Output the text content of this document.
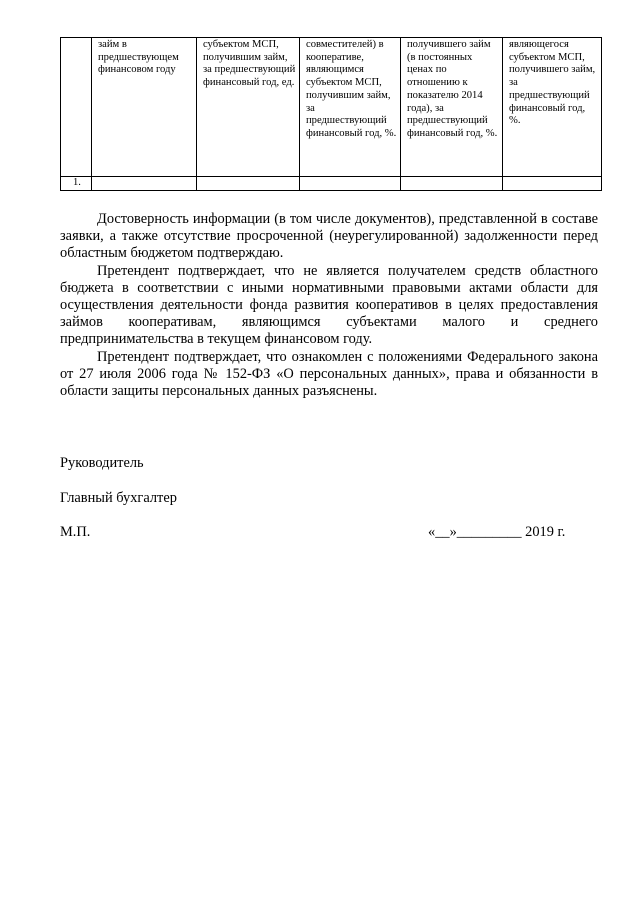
	займ в предшествующем финансовом году	субъектом МСП, получившим займ, за предшествующий финансовый год, ед.	совместителей) в кооперативе, являющимся субъектом МСП, получившим займ, за предшествующий финансовый год, %.	получившего займ (в постоянных ценах по отношению к показателю 2014 года), за предшествующий финансовый год, %.	являющегося субъектом МСП, получившего займ, за предшествующий финансовый год, %.
1.					

Достоверность информации (в том числе документов), представленной в составе заявки, а также отсутствие просроченной (неурегулированной) задолженности перед областным бюджетом подтверждаю.

Претендент подтверждает, что не является получателем средств областного бюджета в соответствии с иными нормативными правовыми актами области для осуществления деятельности фонда развития кооперативов в целях предоставления займов кооперативам, являющимся субъектами малого и среднего предпринимательства в текущем финансовом году.

Претендент подтверждает, что ознакомлен с положениями Федерального закона от 27 июля 2006 года № 152-ФЗ «О персональных данных», права и обязанности в области защиты персональных данных разъяснены.

Руководитель

Главный бухгалтер

М.П.	«__»_________ 2019 г.
